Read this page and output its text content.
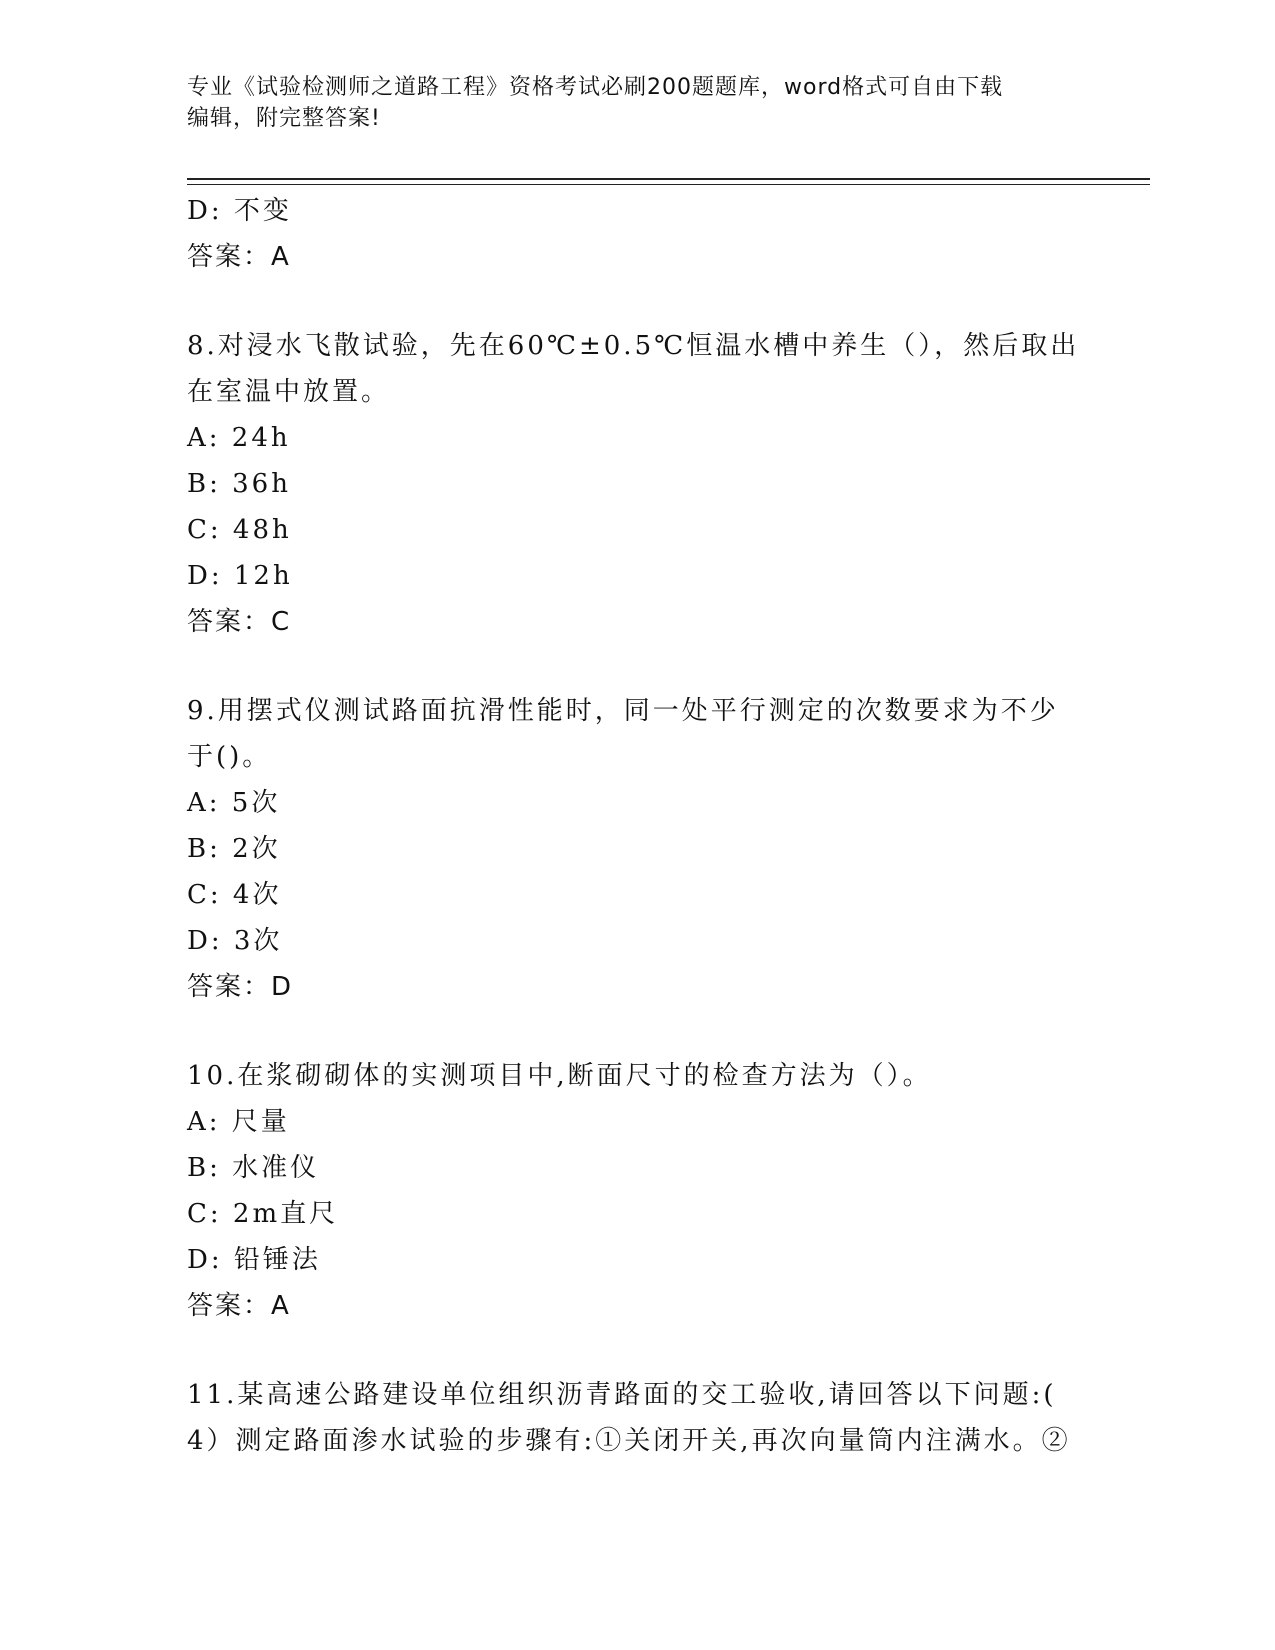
专业《试验检测师之道路工程》资格考试必刷200题题库，word格式可自由下载
编辑，附完整答案!
D: 不变
答案：A
8.对浸水飞散试验，先在60℃±0.5℃恒温水槽中养生（），然后取出
在室温中放置。
A: 24h
B: 36h
C: 48h
D: 12h
答案：C
9.用摆式仪测试路面抗滑性能时，同一处平行测定的次数要求为不少
于()。
A: 5次
B: 2次
C: 4次
D: 3次
答案：D
10.在浆砌砌体的实测项目中,断面尺寸的检查方法为（）。
A: 尺量
B: 水准仪
C: 2m直尺
D: 铅锤法
答案：A
11.某高速公路建设单位组织沥青路面的交工验收,请回答以下问题:(
4）测定路面渗水试验的步骤有:①关闭开关,再次向量筒内注满水。②
